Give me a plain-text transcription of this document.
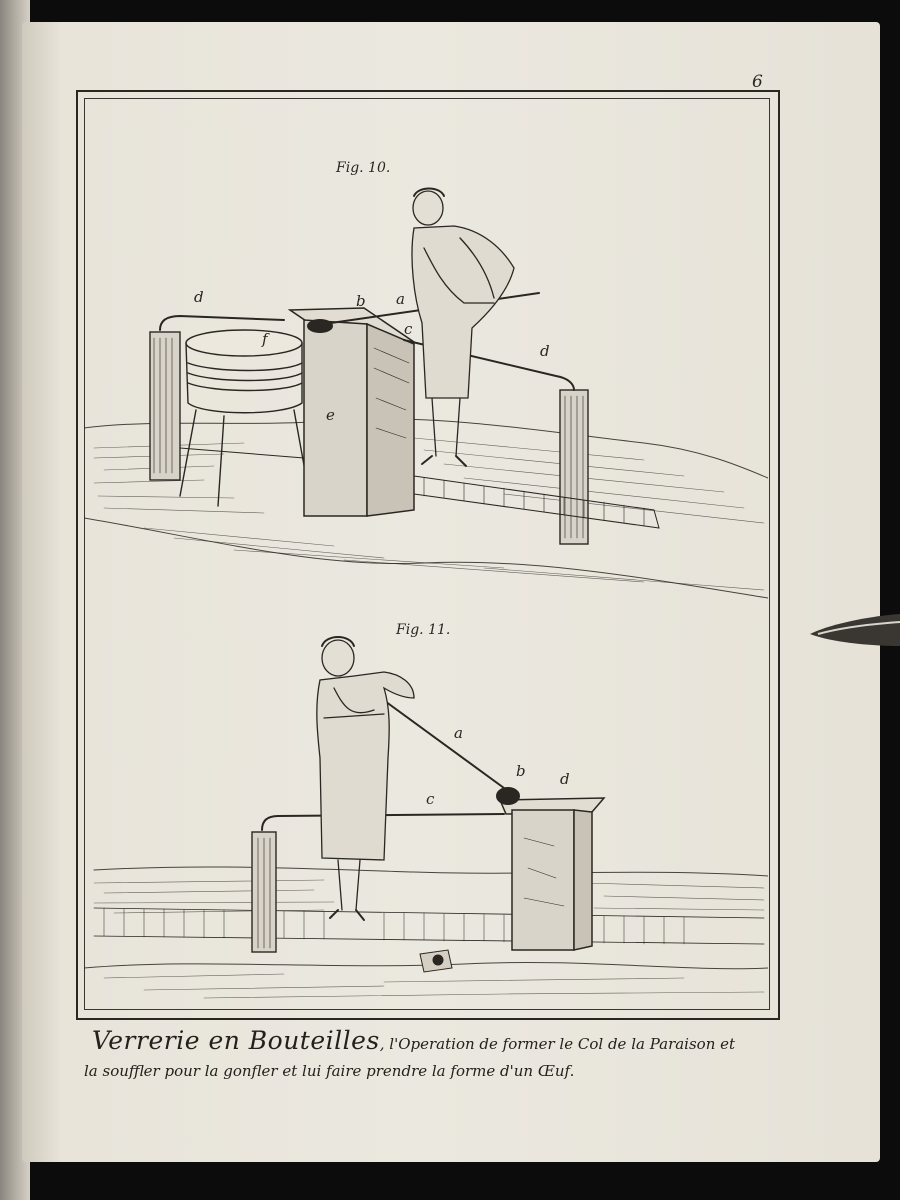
6
Fig. 10.
Fig. 11.
d	b a
c
d
f
e
a
b d
c
Verrerie en Bouteilles, l'Operation de former le Col de la Paraison et
la souffler pour la gonfler et lui faire prendre la forme d'un Œuf.
